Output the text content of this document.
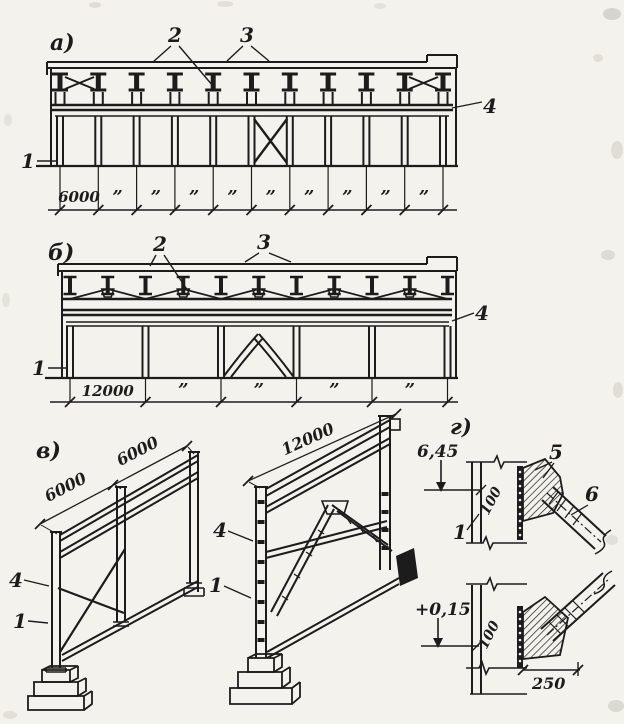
а)	2	3
1
4
6000 ” ” ” ” ” ” ” ” ”
б)	2	3
4
1
12000 ”	”	”	”
в)
6000
6000	12000
4
1
4
1
г)
6,45
+0,15
5
6
1
100
100
250
